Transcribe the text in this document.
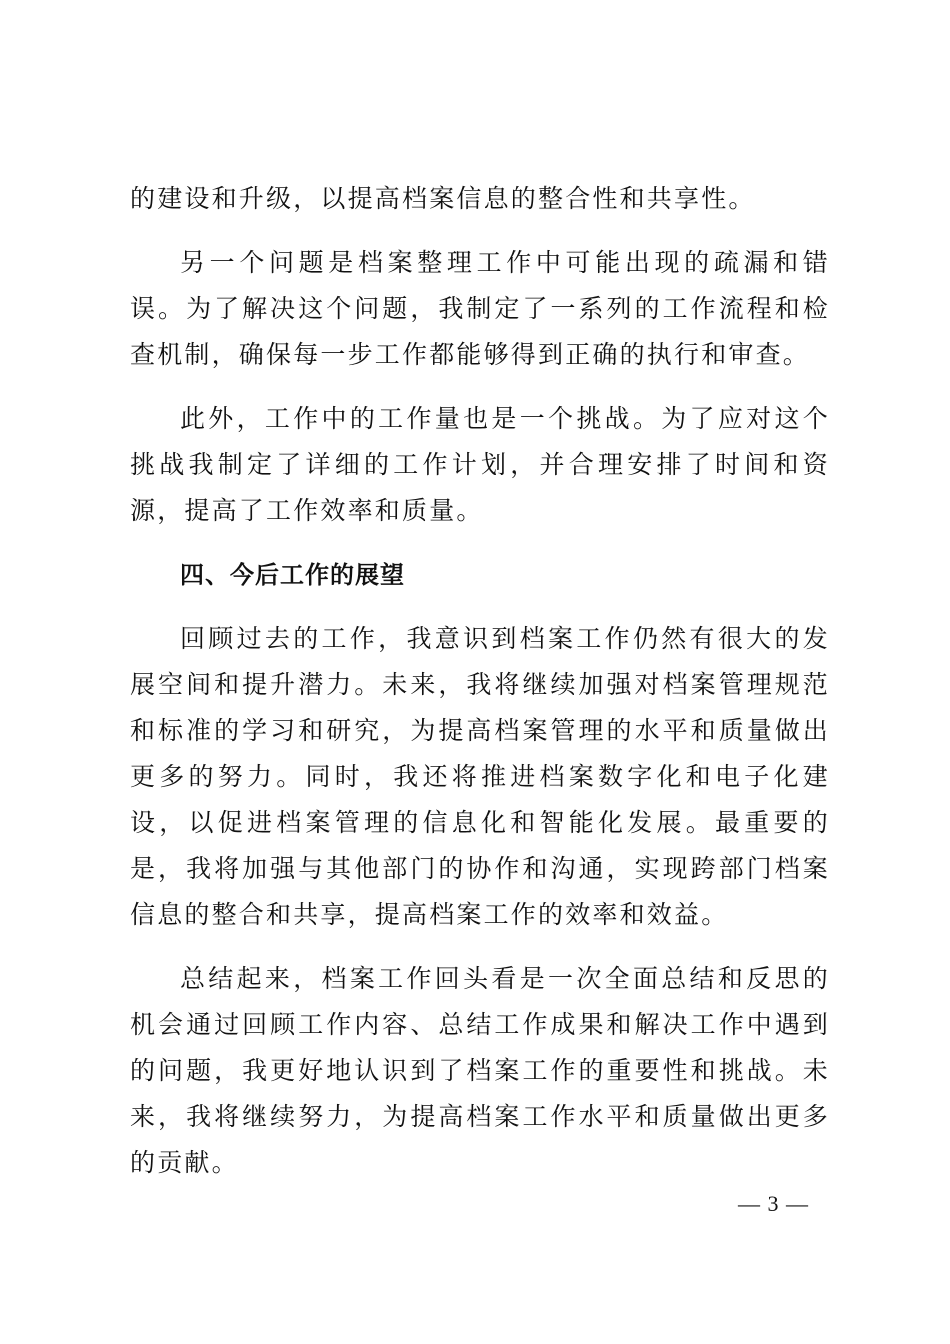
的建设和升级，以提高档案信息的整合性和共享性。

另一个问题是档案整理工作中可能出现的疏漏和错误。为了解决这个问题，我制定了一系列的工作流程和检查机制，确保每一步工作都能够得到正确的执行和审查。

此外，工作中的工作量也是一个挑战。为了应对这个挑战我制定了详细的工作计划，并合理安排了时间和资源，提高了工作效率和质量。

四、今后工作的展望

回顾过去的工作，我意识到档案工作仍然有很大的发展空间和提升潜力。未来，我将继续加强对档案管理规范和标准的学习和研究，为提高档案管理的水平和质量做出更多的努力。同时，我还将推进档案数字化和电子化建设，以促进档案管理的信息化和智能化发展。最重要的是，我将加强与其他部门的协作和沟通，实现跨部门档案信息的整合和共享，提高档案工作的效率和效益。

总结起来，档案工作回头看是一次全面总结和反思的机会通过回顾工作内容、总结工作成果和解决工作中遇到的问题，我更好地认识到了档案工作的重要性和挑战。未来，我将继续努力，为提高档案工作水平和质量做出更多的贡献。

— 3 —
